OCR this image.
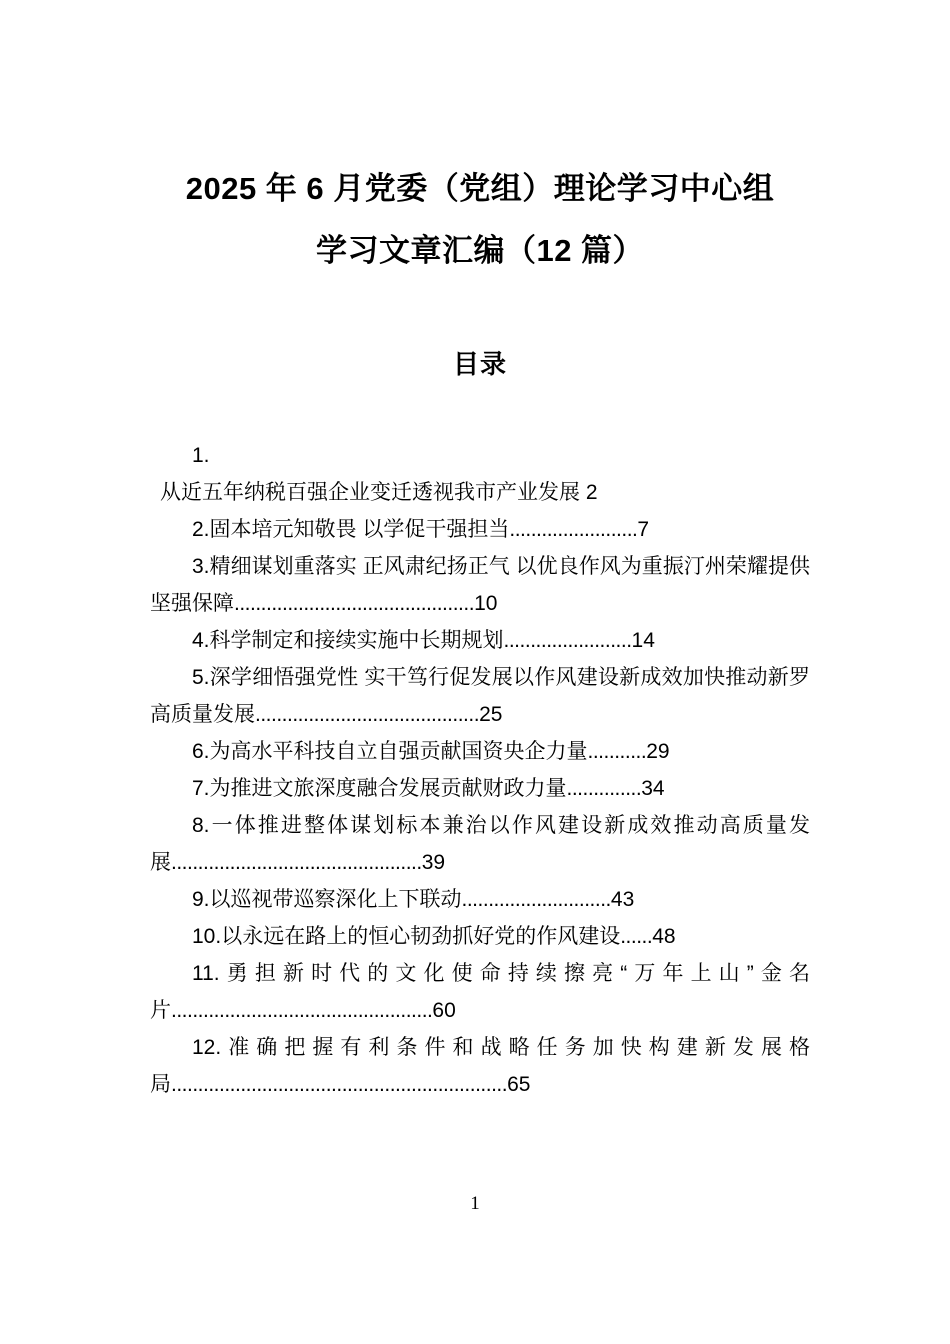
2025 年 6 月党委（党组）理论学习中心组
学习文章汇编（12 篇）
目录
1.
从近五年纳税百强企业变迁透视我市产业发展 2
2.固本培元知敬畏 以学促干强担当........................7
3.精细谋划重落实 正风肃纪扬正气 以优良作风为重振汀州荣耀提供坚强保障.............................................10
4.科学制定和接续实施中长期规划........................14
5.深学细悟强党性 实干笃行促发展以作风建设新成效加快推动新罗高质量发展..........................................25
6.为高水平科技自立自强贡献国资央企力量...........29
7.为推进文旅深度融合发展贡献财政力量..............34
8.一体推进整体谋划标本兼治以作风建设新成效推动高质量发展...............................................39
9.以巡视带巡察深化上下联动............................43
10.以永远在路上的恒心韧劲抓好党的作风建设......48
11.勇担新时代的文化使命持续擦亮“万年上山”金名片.................................................60
12.准确把握有利条件和战略任务加快构建新发展格局...............................................................65
1
